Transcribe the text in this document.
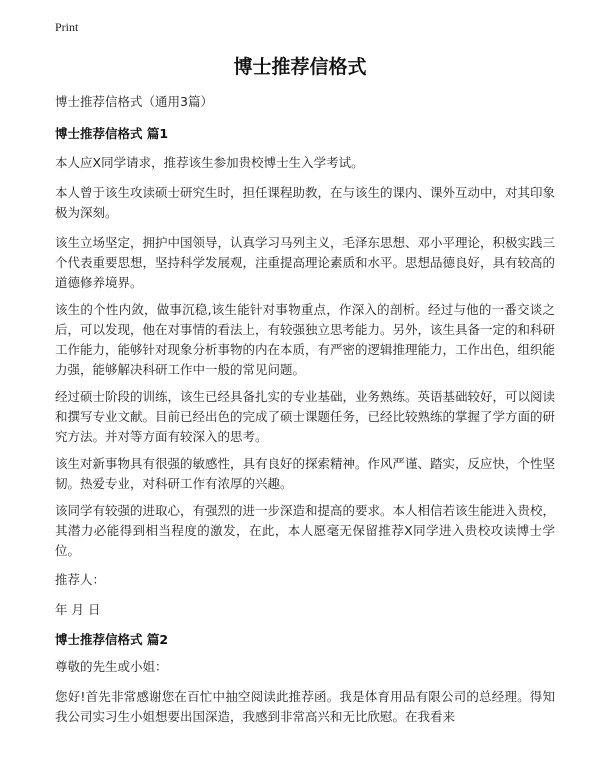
Print
博士推荐信格式
博士推荐信格式（通用3篇）
博士推荐信格式 篇1

本人应X同学请求，推荐该生参加贵校博士生入学考试。

本人曾于该生攻读硕士研究生时，担任课程助教，在与该生的课内、课外互动中，对其印象极为深刻。

该生立场坚定，拥护中国领导，认真学习马列主义，毛泽东思想、邓小平理论，积极实践三个代表重要思想，坚持科学发展观，注重提高理论素质和水平。思想品德良好，具有较高的道德修养境界。

该生的个性内敛，做事沉稳,该生能针对事物重点，作深入的剖析。经过与他的一番交谈之后，可以发现，他在对事情的看法上，有较强独立思考能力。另外，该生具备一定的和科研工作能力，能够针对现象分析事物的内在本质，有严密的逻辑推理能力，工作出色，组织能力强，能够解决科研工作中一般的常见问题。

经过硕士阶段的训练，该生已经具备扎实的专业基础，业务熟练。英语基础较好，可以阅读和撰写专业文献。目前已经出色的完成了硕士课题任务，已经比较熟练的掌握了学方面的研究方法。并对等方面有较深入的思考。

该生对新事物具有很强的敏感性，具有良好的探索精神。作风严谨、踏实，反应快，个性坚韧。热爱专业，对科研工作有浓厚的兴趣。

该同学有较强的进取心，有强烈的进一步深造和提高的要求。本人相信若该生能进入贵校，其潜力必能得到相当程度的激发，在此，本人愿毫无保留推荐X同学进入贵校攻读博士学位。

推荐人：

年 月 日

博士推荐信格式 篇2

尊敬的先生或小姐：

您好!首先非常感谢您在百忙中抽空阅读此推荐函。我是体育用品有限公司的总经理。得知我公司实习生小姐想要出国深造，我感到非常高兴和无比欣慰。在我看来
